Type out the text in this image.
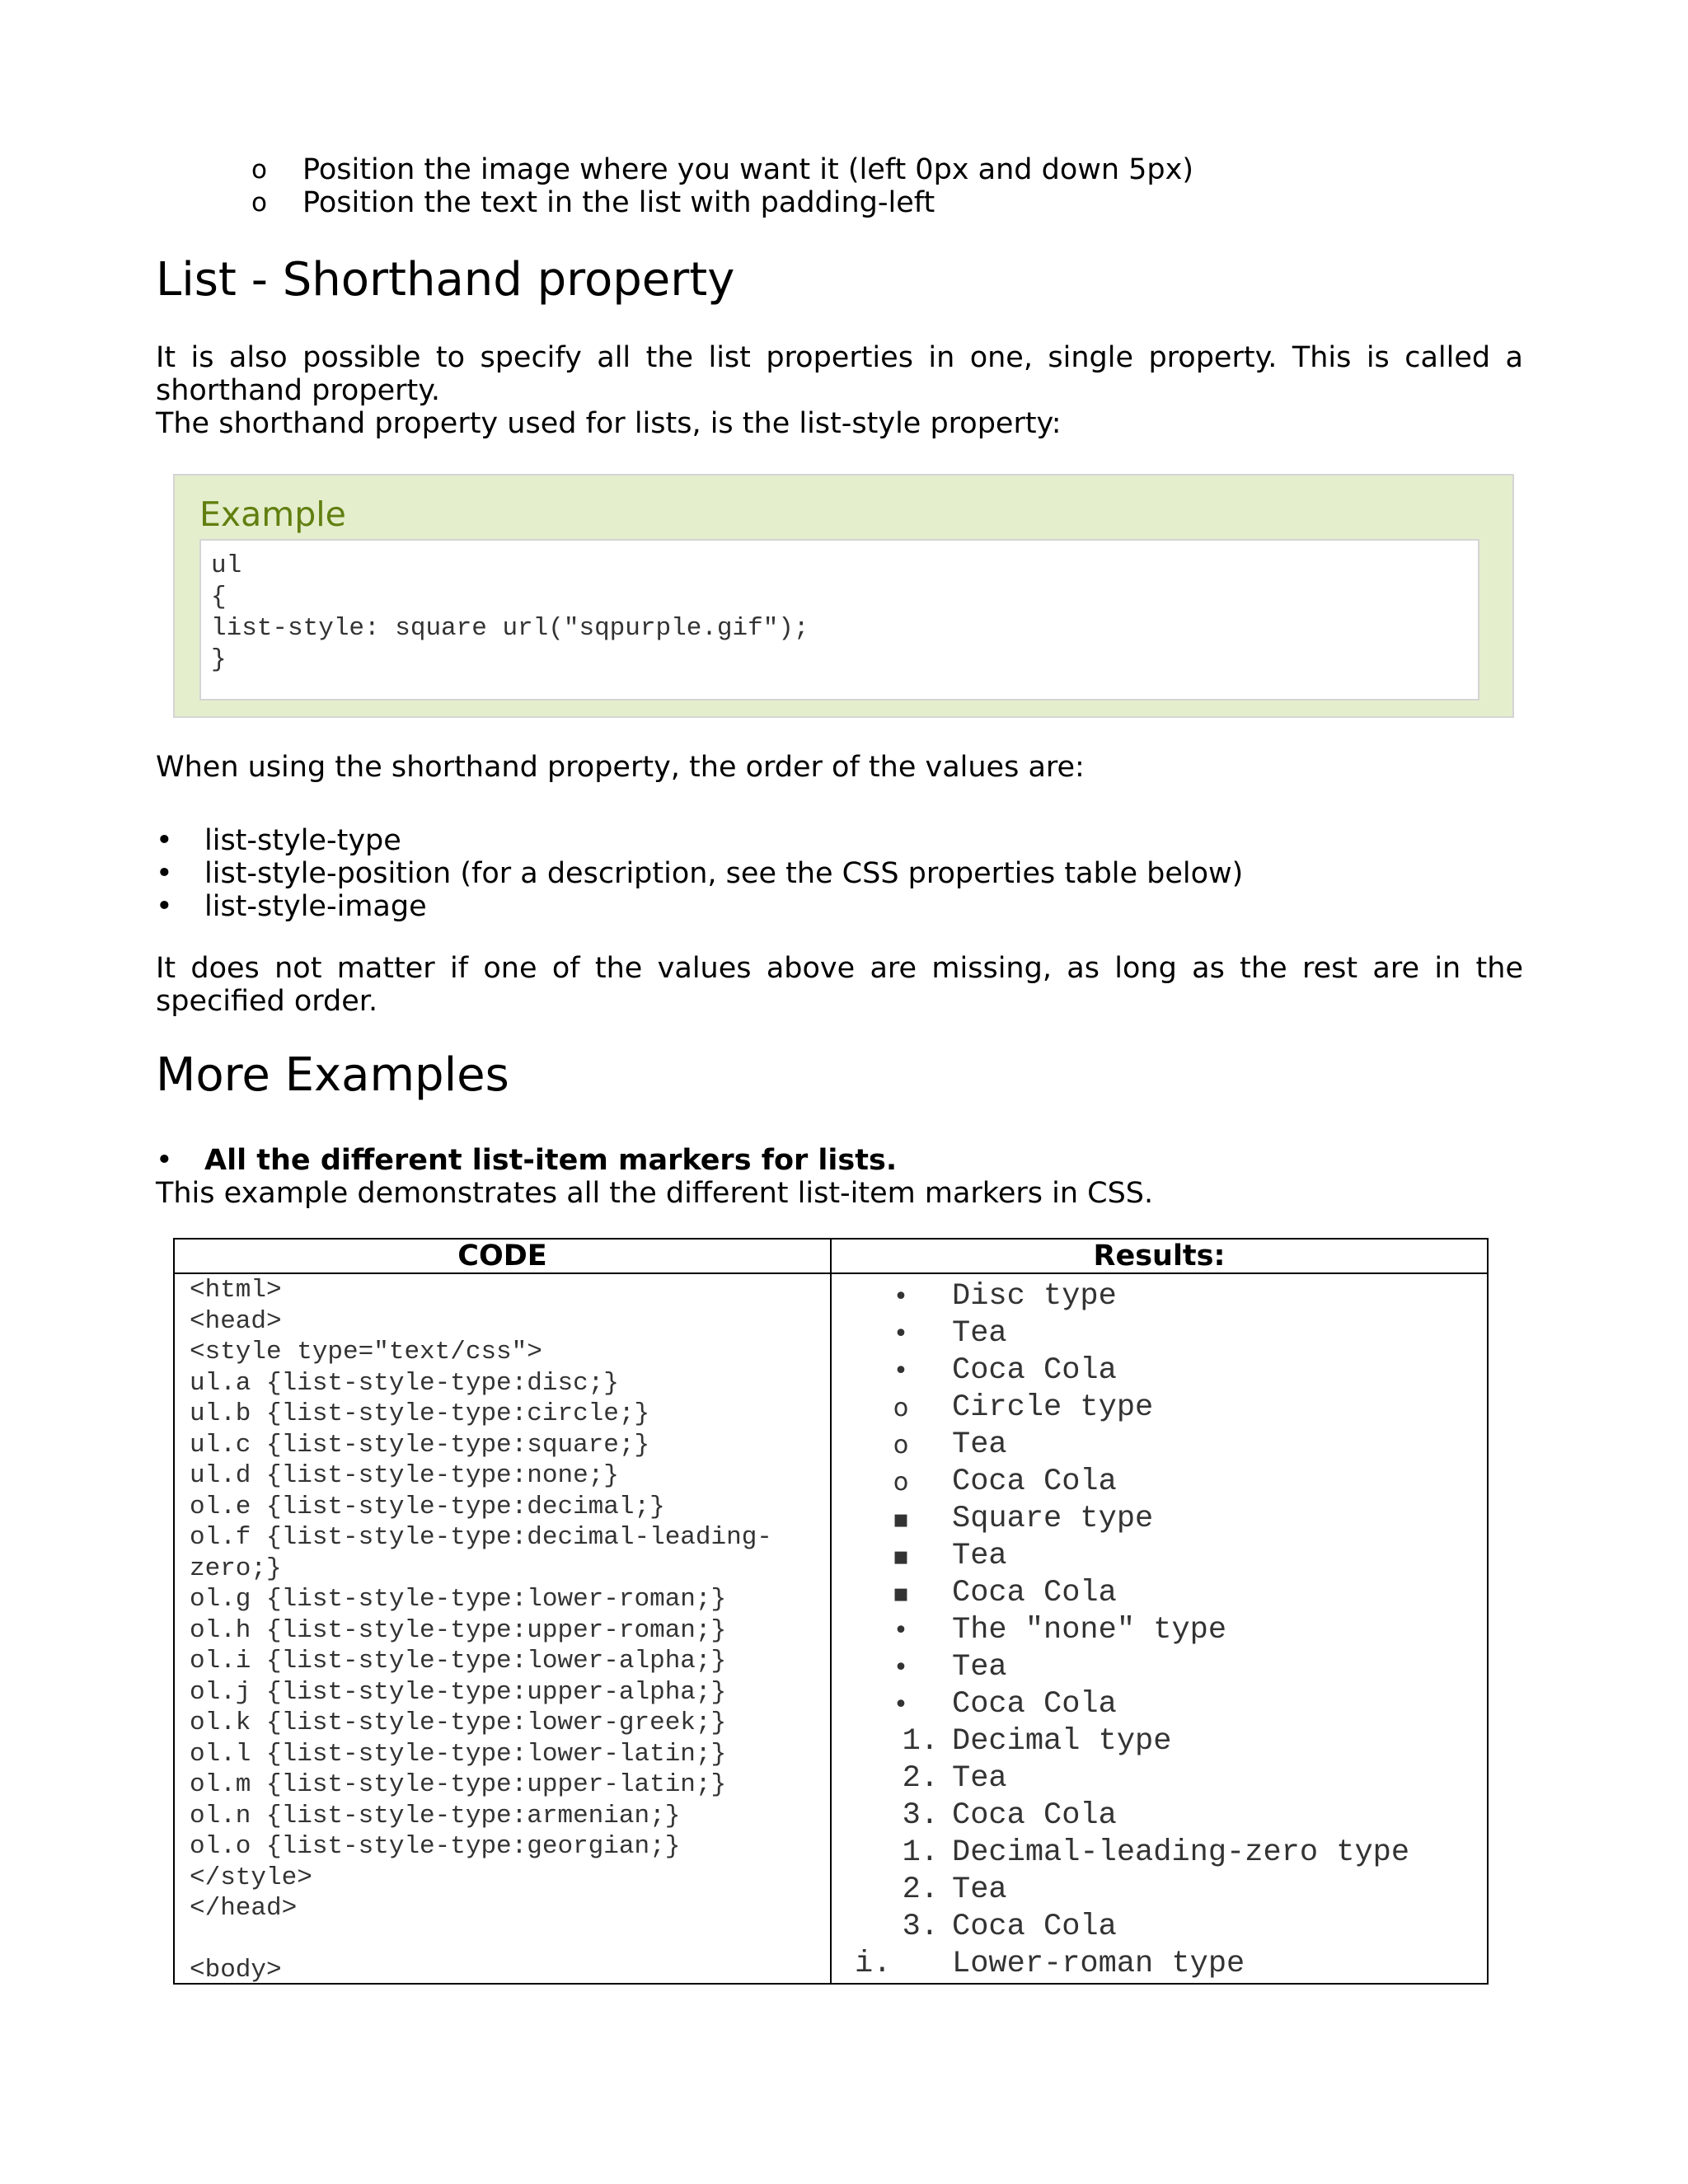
o Position the image where you want it (left 0px and down 5px)
o Position the text in the list with padding-left
List - Shorthand property

It is also possible to specify all the list properties in one, single property. This is called a shorthand property.

The shorthand property used for lists, is the list-style property:

Example
ul
{
list-style: square url("sqpurple.gif");
}

When using the shorthand property, the order of the values are:

• list-style-type
• list-style-position (for a description, see the CSS properties table below)
• list-style-image

It does not matter if one of the values above are missing, as long as the rest are in the specified order.

More Examples
• All the different list-item markers for lists.

This example demonstrates all the different list-item markers in CSS.

CODE	Results:
<html>
<head>
<style type="text/css">
ul.a {list-style-type:disc;}
ul.b {list-style-type:circle;}
ul.c {list-style-type:square;}
ul.d {list-style-type:none;}
ol.e {list-style-type:decimal;}
ol.f {list-style-type:decimal-leading-
zero;}
ol.g {list-style-type:lower-roman;}
ol.h {list-style-type:upper-roman;}
ol.i {list-style-type:lower-alpha;}
ol.j {list-style-type:upper-alpha;}
ol.k {list-style-type:lower-greek;}
ol.l {list-style-type:lower-latin;}
ol.m {list-style-type:upper-latin;}
ol.n {list-style-type:armenian;}
ol.o {list-style-type:georgian;}
</style>
</head>
<body>
• Disc type
• Tea
• Coca Cola
o Circle type
o Tea
o Coca Cola
▪ Square type
▪ Tea
▪ Coca Cola
• The "none" type
• Tea
• Coca Cola
1. Decimal type
2. Tea
3. Coca Cola
1. Decimal-leading-zero type
2. Tea
3. Coca Cola
i. Lower-roman type
